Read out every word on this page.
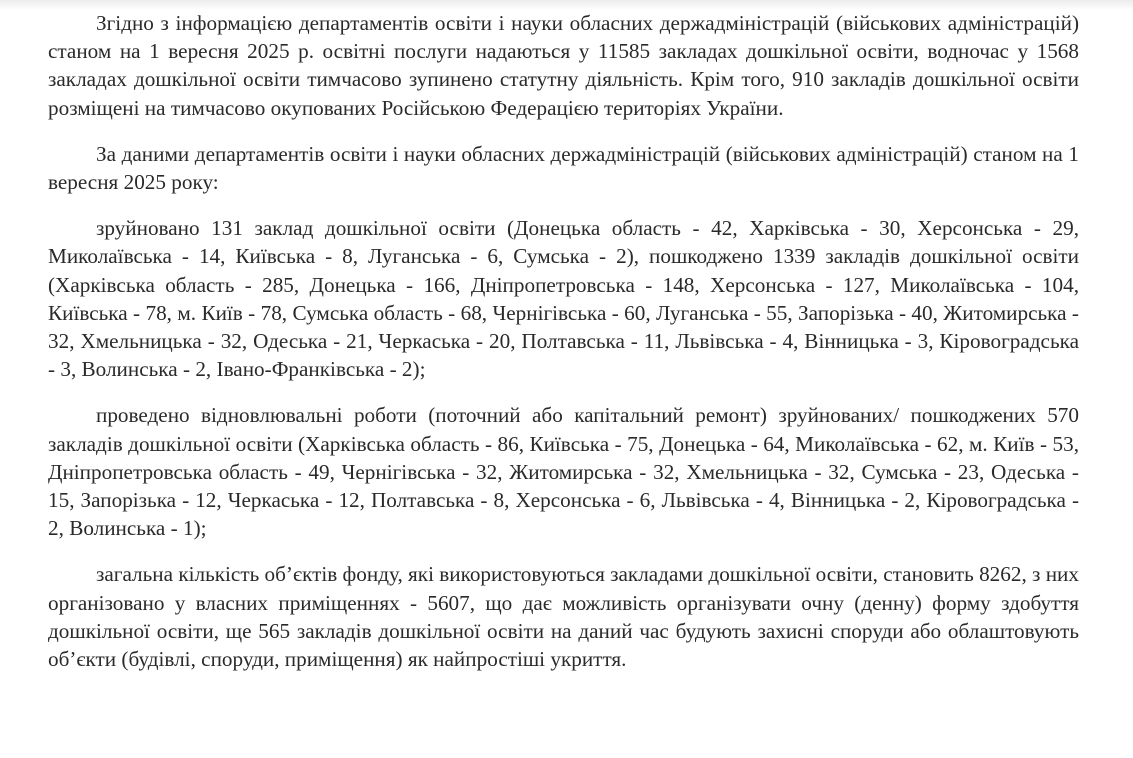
Згідно з інформацією департаментів освіти і науки обласних держадміністрацій (військових адміністрацій) станом на 1 вересня 2025 р. освітні послуги надаються у 11585 закладах дошкільної освіти, водночас у 1568 закладах дошкільної освіти тимчасово зупинено статутну діяльність. Крім того, 910 закладів дошкільної освіти розміщені на тимчасово окупованих Російською Федерацією територіях України.

За даними департаментів освіти і науки обласних держадміністрацій (військових адміністрацій) станом на 1 вересня 2025 року:

зруйновано 131 заклад дошкільної освіти (Донецька область - 42, Харківська - 30, Херсонська - 29, Миколаївська - 14, Київська - 8, Луганська - 6, Сумська - 2), пошкоджено 1339 закладів дошкільної освіти (Харківська область - 285, Донецька - 166, Дніпропетровська - 148, Херсонська - 127, Миколаївська - 104, Київська - 78, м. Київ - 78, Сумська область - 68, Чернігівська - 60, Луганська - 55, Запорізька - 40, Житомирська - 32, Хмельницька - 32, Одеська - 21, Черкаська - 20, Полтавська - 11, Львівська - 4, Вінницька - 3, Кіровоградська - 3, Волинська - 2, Івано-Франківська - 2);

проведено відновлювальні роботи (поточний або капітальний ремонт) зруйнованих/ пошкоджених 570 закладів дошкільної освіти (Харківська область - 86, Київська - 75, Донецька - 64, Миколаївська - 62, м. Київ - 53, Дніпропетровська область - 49, Чернігівська - 32, Житомирська - 32, Хмельницька - 32, Сумська - 23, Одеська - 15, Запорізька - 12, Черкаська - 12, Полтавська - 8, Херсонська - 6, Львівська - 4, Вінницька - 2, Кіровоградська - 2, Волинська - 1);

загальна кількість об’єктів фонду, які використовуються закладами дошкільної освіти, становить 8262, з них організовано у власних приміщеннях - 5607, що дає можливість організувати очну (денну) форму здобуття дошкільної освіти, ще 565 закладів дошкільної освіти на даний час будують захисні споруди або облаштовують об’єкти (будівлі, споруди, приміщення) як найпростіші укриття.
